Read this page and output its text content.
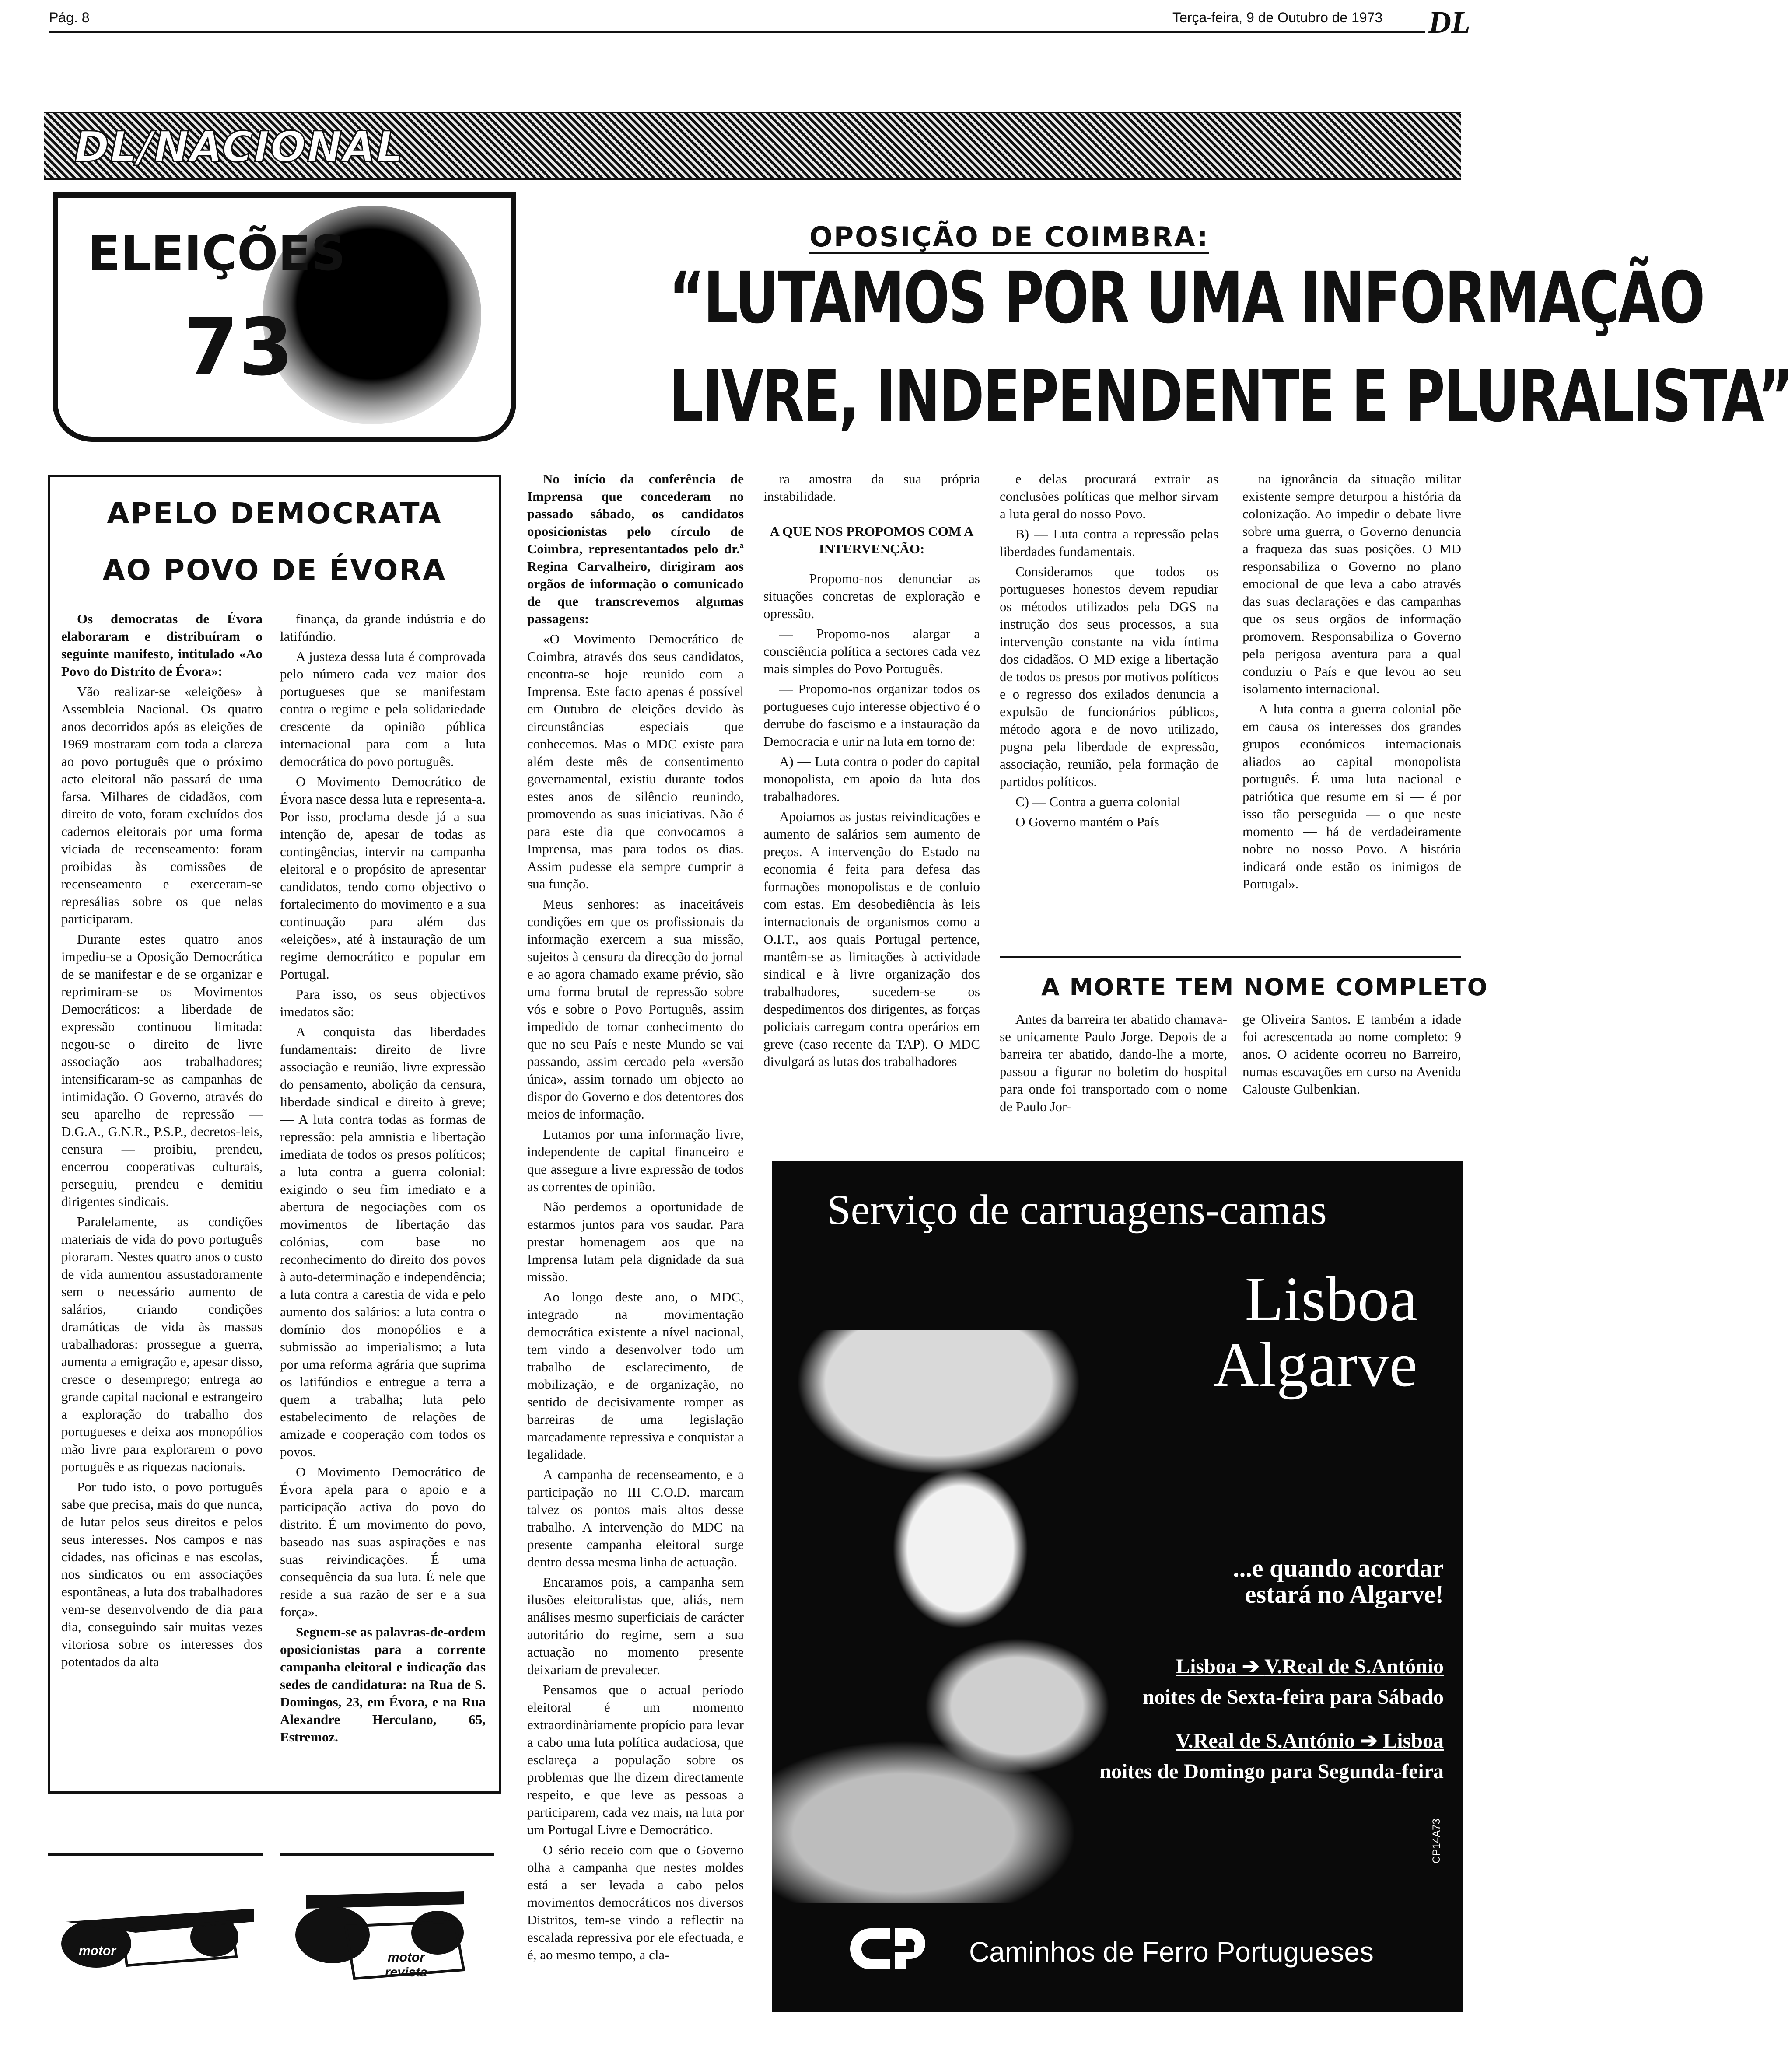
Pág. 8	Terça-feira, 9 de Outubro de 1973 DL
DL/NACIONAL
ELEIÇÕES
73
OPOSIÇÃO DE COIMBRA:
“LUTAMOS POR UMA INFORMAÇÃO
LIVRE, INDEPENDENTE E PLURALISTA”
APELO DEMOCRATA
AO POVO DE ÉVORA

Os democratas de Évora elaboraram e distribuíram o seguinte manifesto, intitulado «Ao Povo do Distrito de Évora»:

Vão realizar-se «eleições» à Assembleia Nacional. Os quatro anos decorridos após as eleições de 1969 mostraram com toda a clareza ao povo português que o próximo acto eleitoral não passará de uma farsa. Milhares de cidadãos, com direito de voto, foram excluídos dos cadernos eleitorais por uma forma viciada de recenseamento: foram proibidas às comissões de recenseamento e exerceram-se represálias sobre os que nelas participaram.

Durante estes quatro anos impediu-se a Oposição Democrática de se manifestar e de se organizar e reprimiram-se os Movimentos Democráticos: a liberdade de expressão continuou limitada: negou-se o direito de livre associação aos trabalhadores; intensificaram-se as campanhas de intimidação. O Governo, através do seu aparelho de repressão — D.G.A., G.N.R., P.S.P., decretos-leis, censura — proibiu, prendeu, encerrou cooperativas culturais, perseguiu, prendeu e demitiu dirigentes sindicais.

Paralelamente, as condições materiais de vida do povo português pioraram. Nestes quatro anos o custo de vida aumentou assustadoramente sem o necessário aumento de salários, criando condições dramáticas de vida às massas trabalhadoras: prossegue a guerra, aumenta a emigração e, apesar disso, cresce o desemprego; entrega ao grande capital nacional e estrangeiro a exploração do trabalho dos portugueses e deixa aos monopólios mão livre para explorarem o povo português e as riquezas nacionais.

Por tudo isto, o povo português sabe que precisa, mais do que nunca, de lutar pelos seus direitos e pelos seus interesses. Nos campos e nas cidades, nas oficinas e nas escolas, nos sindicatos ou em associações espontâneas, a luta dos trabalhadores vem-se desenvolvendo de dia para dia, conseguindo sair muitas vezes vitoriosa sobre os interesses dos potentados da alta

finança, da grande indústria e do latifúndio.

A justeza dessa luta é comprovada pelo número cada vez maior dos portugueses que se manifestam contra o regime e pela solidariedade crescente da opinião pública internacional para com a luta democrática do povo português.

O Movimento Democrático de Évora nasce dessa luta e representa-a. Por isso, proclama desde já a sua intenção de, apesar de todas as contingências, intervir na campanha eleitoral e o propósito de apresentar candidatos, tendo como objectivo o fortalecimento do movimento e a sua continuação para além das «eleições», até à instauração de um regime democrático e popular em Portugal.

Para isso, os seus objectivos imedatos são:

A conquista das liberdades fundamentais: direito de livre associação e reunião, livre expressão do pensamento, abolição da censura, liberdade sindical e direito à greve; — A luta contra todas as formas de repressão: pela amnistia e libertação imediata de todos os presos políticos; a luta contra a guerra colonial: exigindo o seu fim imediato e a abertura de negociações com os movimentos de libertação das colónias, com base no reconhecimento do direito dos povos à auto-determinação e independência; a luta contra a carestia de vida e pelo aumento dos salários: a luta contra o domínio dos monopólios e a submissão ao imperialismo; a luta por uma reforma agrária que suprima os latifúndios e entregue a terra a quem a trabalha; luta pelo estabelecimento de relações de amizade e cooperação com todos os povos.

O Movimento Democrático de Évora apela para o apoio e a participação activa do povo do distrito. É um movimento do povo, baseado nas suas aspirações e nas suas reivindicações. É uma consequência da sua luta. É nele que reside a sua razão de ser e a sua força».

Seguem-se as palavras-de-ordem oposicionistas para a corrente campanha eleitoral e indicação das sedes de candidatura: na Rua de S. Domingos, 23, em Évora, e na Rua Alexandre Herculano, 65, Estremoz.

No início da conferência de Imprensa que concederam no passado sábado, os candidatos oposicionistas pelo círculo de Coimbra, representantados pelo dr.ª Regina Carvalheiro, dirigiram aos orgãos de informação o comunicado de que transcrevemos algumas passagens:

«O Movimento Democrático de Coimbra, através dos seus candidatos, encontra-se hoje reunido com a Imprensa. Este facto apenas é possível em Outubro de eleições devido às circunstâncias especiais que conhecemos. Mas o MDC existe para além deste mês de consentimento governamental, existiu durante todos estes anos de silêncio reunindo, promovendo as suas iniciativas. Não é para este dia que convocamos a Imprensa, mas para todos os dias. Assim pudesse ela sempre cumprir a sua função.

Meus senhores: as inaceitáveis condições em que os profissionais da informação exercem a sua missão, sujeitos à censura da direcção do jornal e ao agora chamado exame prévio, são uma forma brutal de repressão sobre vós e sobre o Povo Português, assim impedido de tomar conhecimento do que no seu País e neste Mundo se vai passando, assim cercado pela «versão única», assim tornado um objecto ao dispor do Governo e dos detentores dos meios de informação.

Lutamos por uma informação livre, independente de capital financeiro e que assegure a livre expressão de todos as correntes de opinião.

Não perdemos a oportunidade de estarmos juntos para vos saudar. Para prestar homenagem aos que na Imprensa lutam pela dignidade da sua missão.

Ao longo deste ano, o MDC, integrado na movimentação democrática existente a nível nacional, tem vindo a desenvolver todo um trabalho de esclarecimento, de mobilização, e de organização, no sentido de decisivamente romper as barreiras de uma legislação marcadamente repressiva e conquistar a legalidade.

A campanha de recenseamento, e a participação no III C.O.D. marcam talvez os pontos mais altos desse trabalho. A intervenção do MDC na presente campanha eleitoral surge dentro dessa mesma linha de actuação.

Encaramos pois, a campanha sem ilusões eleitoralistas que, aliás, nem análises mesmo superficiais de carácter autoritário do regime, sem a sua actuação no momento presente deixariam de prevalecer.

Pensamos que o actual período eleitoral é um momento extraordinàriamente propício para levar a cabo uma luta política audaciosa, que esclareça a população sobre os problemas que lhe dizem directamente respeito, e que leve as pessoas a participarem, cada vez mais, na luta por um Portugal Livre e Democrático.

O sério receio com que o Governo olha a campanha que nestes moldes está a ser levada a cabo pelos movimentos democráticos nos diversos Distritos, tem-se vindo a reflectir na escalada repressiva por ele efectuada, e é, ao mesmo tempo, a cla-

ra amostra da sua própria instabilidade.

A QUE NOS PROPOMOS COM A INTERVENÇÃO:

— Propomo-nos denunciar as situações concretas de exploração e opressão.

— Propomo-nos alargar a consciência política a sectores cada vez mais simples do Povo Português.

— Propomo-nos organizar todos os portugueses cujo interesse objectivo é o derrube do fascismo e a instauração da Democracia e unir na luta em torno de:

A) — Luta contra o poder do capital monopolista, em apoio da luta dos trabalhadores.

Apoiamos as justas reivindicações e aumento de salários sem aumento de preços. A intervenção do Estado na economia é feita para defesa das formações monopolistas e de conluio com estas. Em desobediência às leis internacionais de organismos como a O.I.T., aos quais Portugal pertence, mantêm-se as limitações à actividade sindical e à livre organização dos trabalhadores, sucedem-se os despedimentos dos dirigentes, as forças policiais carregam contra operários em greve (caso recente da TAP). O MDC divulgará as lutas dos trabalhadores

e delas procurará extrair as conclusões políticas que melhor sirvam a luta geral do nosso Povo.

B) — Luta contra a repressão pelas liberdades fundamentais.

Consideramos que todos os portugueses honestos devem repudiar os métodos utilizados pela DGS na instrução dos seus processos, a sua intervenção constante na vida íntima dos cidadãos. O MD exige a libertação de todos os presos por motivos políticos e o regresso dos exilados denuncia a expulsão de funcionários públicos, método agora e de novo utilizado, pugna pela liberdade de expressão, associação, reunião, pela formação de partidos políticos.

C) — Contra a guerra colonial

O Governo mantém o País

na ignorância da situação militar existente sempre deturpou a história da colonização. Ao impedir o debate livre sobre uma guerra, o Governo denuncia a fraqueza das suas posições. O MD responsabiliza o Governo no plano emocional de que leva a cabo através das suas declarações e das campanhas que os seus orgãos de informação promovem. Responsabiliza o Governo pela perigosa aventura para a qual conduziu o País e que levou ao seu isolamento internacional.

A luta contra a guerra colonial põe em causa os interesses dos grandes grupos económicos internacionais aliados ao capital monopolista português. É uma luta nacional e patriótica que resume em si — é por isso tão perseguida — o que neste momento — há de verdadeiramente nobre no nosso Povo. A história indicará onde estão os inimigos de Portugal».

A MORTE TEM NOME COMPLETO

Antes da barreira ter abatido chamava-se unicamente Paulo Jorge. Depois de a barreira ter abatido, dando-lhe a morte, passou a figurar no boletim do hospital para onde foi transportado com o nome de Paulo Jor-

ge Oliveira Santos. E também a idade foi acrescentada ao nome completo: 9 anos. O acidente ocorreu no Barreiro, numas escavações em curso na Avenida Calouste Gulbenkian.

Serviço de carruagens-camas
Lisboa
Algarve
...e quando acordar
estará no Algarve!
Lisboa ➔ V.Real de S.António
noites de Sexta-feira para Sábado
V.Real de S.António ➔ Lisboa
noites de Domingo para Segunda-feira
Caminhos de Ferro Portugueses
CP14A73
motor	motor
revista
